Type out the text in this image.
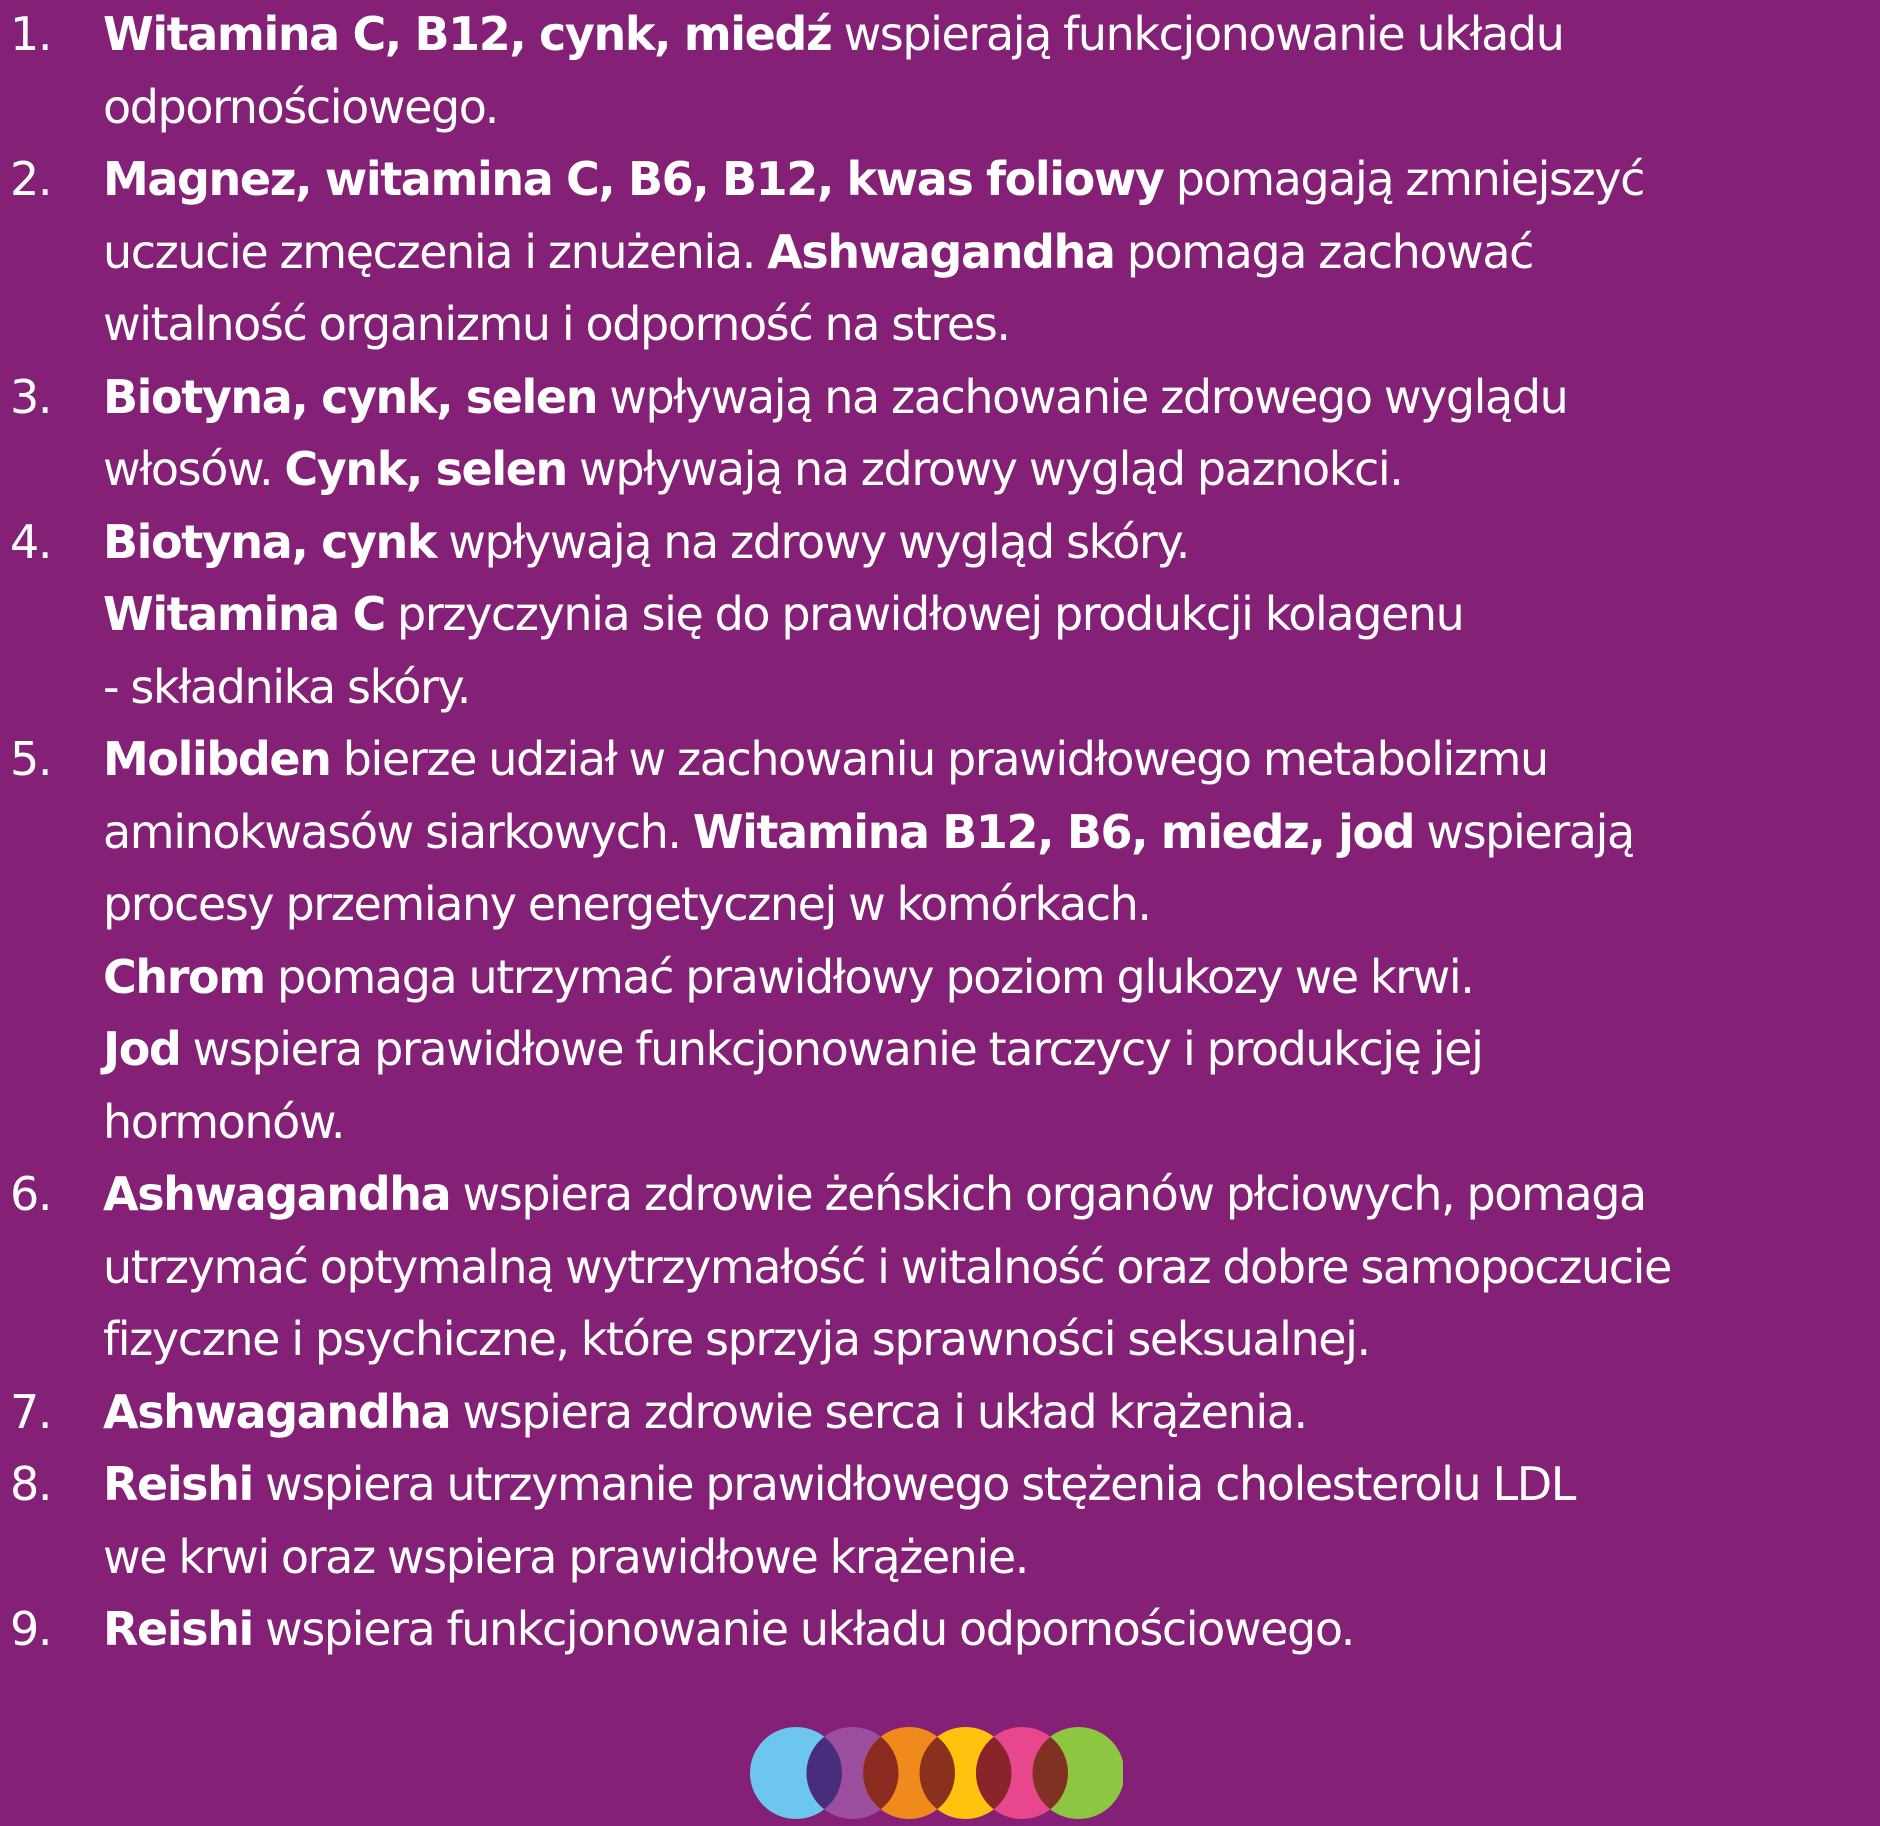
1. Witamina C, B12, cynk, miedź wspierają funkcjonowanie układu
odpornościowego.
2. Magnez, witamina C, B6, B12, kwas foliowy pomagają zmniejszyć
uczucie zmęczenia i znużenia. Ashwagandha pomaga zachować
witalność organizmu i odporność na stres.
3. Biotyna, cynk, selen wpływają na zachowanie zdrowego wyglądu
włosów. Cynk, selen wpływają na zdrowy wygląd paznokci.
4. Biotyna, cynk wpływają na zdrowy wygląd skóry.
Witamina C przyczynia się do prawidłowej produkcji kolagenu
- składnika skóry.
5. Molibden bierze udział w zachowaniu prawidłowego metabolizmu
aminokwasów siarkowych. Witamina B12, B6, miedz, jod wspierają
procesy przemiany energetycznej w komórkach.
Chrom pomaga utrzymać prawidłowy poziom glukozy we krwi.
Jod wspiera prawidłowe funkcjonowanie tarczycy i produkcję jej
hormonów.
6. Ashwagandha wspiera zdrowie żeńskich organów płciowych, pomaga
utrzymać optymalną wytrzymałość i witalność oraz dobre samopoczucie
fizyczne i psychiczne, które sprzyja sprawności seksualnej.
7. Ashwagandha wspiera zdrowie serca i układ krążenia.
8. Reishi wspiera utrzymanie prawidłowego stężenia cholesterolu LDL
we krwi oraz wspiera prawidłowe krążenie.
9. Reishi wspiera funkcjonowanie układu odpornościowego.
